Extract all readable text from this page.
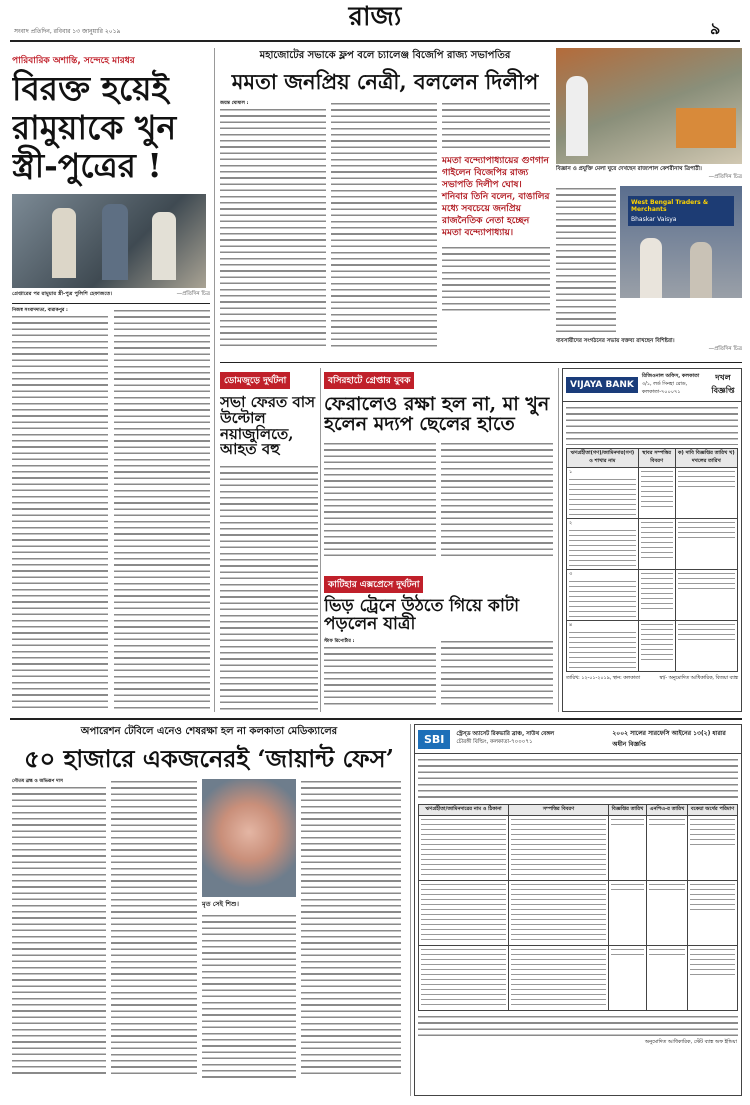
সংবাদ প্রতিদিন, রবিবার ১৩ জানুয়ারি ২০১৯	রাজ্য	৯
পারিবারিক অশান্তি, সন্দেহে মারধর
বিরক্ত হয়েই
রামুয়াকে খুন
স্ত্রী-পুত্রের !
গ্রেপ্তারের পর রামুয়ার স্ত্রী-পুত্র পুলিশি হেফাজতে।	—প্রতিদিন চিত্র
নিজস্ব সংবাদদাতা, বারাকপুর :
মহাজোটের সভাকে ফ্লপ বলে চ্যালেঞ্জ বিজেপি রাজ্য সভাপতির
মমতা জনপ্রিয় নেত্রী, বললেন দিলীপ
জয়ন্ত ঘোষাল :
মমতা বন্দ্যোপাধ্যায়ের গুণগান গাইলেন বিজেপির রাজ্য সভাপতি দিলীপ ঘোষ। শনিবার তিনি বলেন, বাঙালির মধ্যে সবচেয়ে জনপ্রিয় রাজনৈতিক নেতা হচ্ছেন মমতা বন্দ্যোপাধ্যায়।
বিজ্ঞান ও প্রযুক্তি মেলা ঘুরে দেখছেন রাজ্যপাল কেশরীনাথ ত্রিপাঠী।
—প্রতিদিন চিত্র
West Bengal Traders & Merchants
Bhaskar Vaisya
ব্যবসায়ীদের সংগঠনের সভায় বক্তব্য রাখছেন বিশিষ্টরা।
—প্রতিদিন চিত্র
ডোমজুড়ে দুর্ঘটনা
সভা ফেরত বাস উল্টোল নয়াজুলিতে, আহত বহু
বসিরহাটে গ্রেপ্তার যুবক
ফেরালেও রক্ষা হল না, মা খুন হলেন মদ্যপ ছেলের হাতে
কাটিহার এক্সপ্রেসে দুর্ঘটনা
ভিড় ট্রেনে উঠতে গিয়ে কাটা পড়লেন যাত্রী
স্টাফ রিপোর্টার :
VIJAYA BANK
রিজিওনাল অফিস, কলকাতা
৩/১, লর্ড সিনহা রোড, কলকাতা-৭০০০৭১
দখল বিজ্ঞপ্তি
ঋণগ্রহীতা(গণ)/জামিনদার(গণ) ও শাখার নাম	স্থাবর সম্পত্তির বিবরণ	ক) দাবি বিজ্ঞপ্তির তারিখ খ) দখলের তারিখ
১

২

৩

৪

তারিখ: ১২-০১-২০১৯, স্থান: কলকাতা	স্বা/- অনুমোদিত আধিকারিক, বিজয়া ব্যাঙ্ক
অপারেশন টেবিলে এনেও শেষরক্ষা হল না কলকাতা মেডিক্যালের
৫০ হাজারে একজনেরই ‘জায়ান্ট ফেস’
গৌতম ব্রহ্ম ও অভিরূপ দাস
মৃত সেই শিশু।
SBI	স্ট্রেস্‌ড অ্যাসেট রিকভারি ব্রাঞ্চ, সাউথ বেঙ্গল
চৌরঙ্গী বিল্ডিং, কলকাতা-৭০০০৭১
২০০২ সালের সারফেসি আইনের ১৩(২) ধারার অধীন বিজ্ঞপ্তি
ঋণগ্রহীতা/জামিনদারের নাম ও ঠিকানা	সম্পত্তির বিবরণ	বিজ্ঞপ্তির তারিখ	এনপিএ-র তারিখ	বকেয়া অর্থের পরিমাণ

অনুমোদিত আধিকারিক, স্টেট ব্যাঙ্ক অফ ইন্ডিয়া
